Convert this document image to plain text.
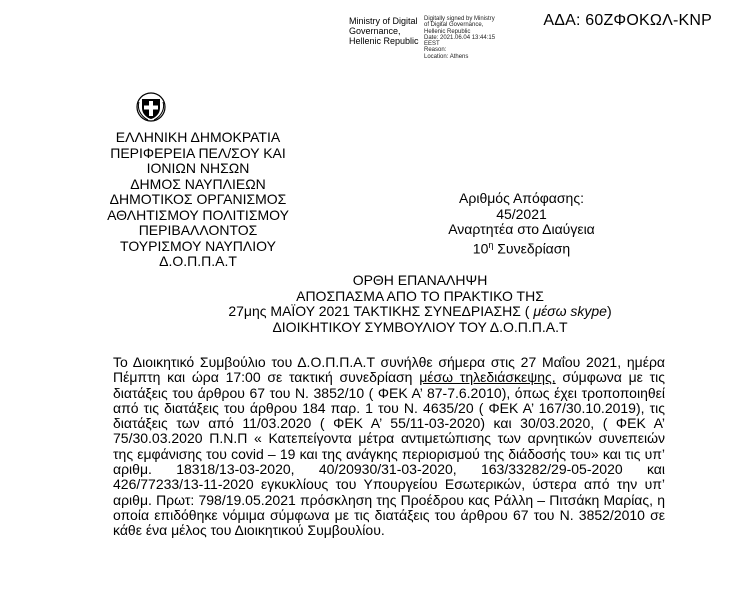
ΑΔΑ: 60ΖΦΟΚΩΛ-ΚΝΡ
Ministry of Digital
Governance,
Hellenic Republic
Digitally signed by Ministry
of Digital Governance,
Hellenic Republic
Date: 2021.06.04 13:44:15
EEST
Reason:
Location: Athens
ΕΛΛΗΝΙΚΗ ΔΗΜΟΚΡΑΤΙΑ
ΠΕΡΙΦΕΡΕΙΑ ΠΕΛ/ΣΟΥ ΚΑΙ
ΙΟΝΙΩΝ ΝΗΣΩΝ
ΔΗΜΟΣ ΝΑΥΠΛΙΕΩΝ
ΔΗΜΟΤΙΚΟΣ ΟΡΓΑΝΙΣΜΟΣ
ΑΘΛΗΤΙΣΜΟΥ ΠΟΛΙΤΙΣΜΟΥ
ΠΕΡΙΒΑΛΛΟΝΤΟΣ
ΤΟΥΡΙΣΜΟΥ ΝΑΥΠΛΙΟΥ
Δ.Ο.Π.Π.Α.Τ
Αριθμός Απόφασης: 45/2021
Αναρτητέα στο Διαύγεια
$10^\eta$ Συνεδρίαση
ΟΡΘΗ ΕΠΑΝΑΛΗΨΗ
ΑΠΟΣΠΑΣΜΑ ΑΠΟ ΤΟ ΠΡΑΚΤΙΚΟ ΤΗΣ
27μης ΜΑΪΟΥ 2021 ΤΑΚΤΙΚΗΣ ΣΥΝΕΔΡΙΑΣΗΣ ( μέσω skype)
ΔΙΟΙΚΗΤΙΚΟΥ ΣΥΜΒΟΥΛΙΟΥ ΤΟΥ Δ.Ο.Π.Π.Α.Τ
Το Διοικητικό Συμβούλιο του Δ.Ο.Π.Π.Α.Τ συνήλθε σήμερα στις 27 Μαΐου 2021, ημέρα Πέμπτη και ώρα 17:00 σε τακτική συνεδρίαση μέσω τηλεδιάσκεψης, σύμφωνα με τις διατάξεις του άρθρου 67 του Ν. 3852/10 ( ΦΕΚ Α’ 87-7.6.2010), όπως έχει τροποποιηθεί από τις διατάξεις του άρθρου 184 παρ. 1 του Ν. 4635/20 ( ΦΕΚ Α’ 167/30.10.2019), τις διατάξεις των από 11/03.2020 ( ΦΕΚ Α’ 55/11-03-2020) και 30/03.2020, ( ΦΕΚ Α’ 75/30.03.2020 Π.Ν.Π « Κατεπείγοντα μέτρα αντιμετώπισης των αρνητικών συνεπειών της εμφάνισης του covid – 19 και της ανάγκης περιορισμού της διάδοσής του» και τις υπ’ αριθμ. 18318/13-03-2020, 40/20930/31-03-2020, 163/33282/29-05-2020 και 426/77233/13-11-2020 εγκυκλίους του Υπουργείου Εσωτερικών, ύστερα από την υπ’ αριθμ. Πρωτ: 798/19.05.2021 πρόσκληση της Προέδρου κας Ράλλη – Πιτσάκη Μαρίας, η οποία επιδόθηκε νόμιμα σύμφωνα με τις διατάξεις του άρθρου 67 του Ν. 3852/2010 σε κάθε ένα μέλος του Διοικητικού Συμβουλίου.
